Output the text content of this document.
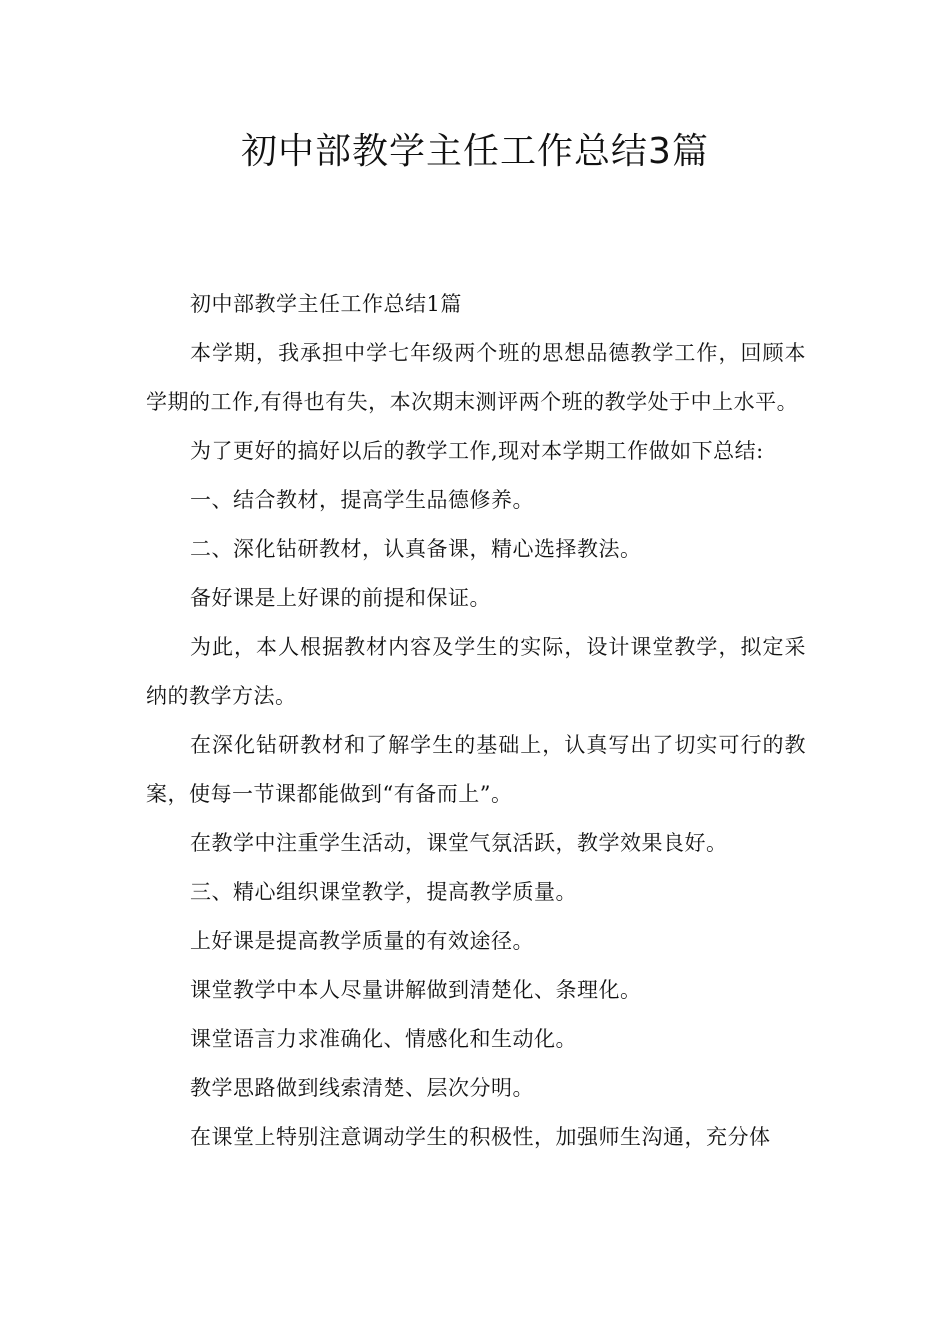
初中部教学主任工作总结3篇

初中部教学主任工作总结1篇

本学期，我承担中学七年级两个班的思想品德教学工作，回顾本学期的工作,有得也有失，本次期末测评两个班的教学处于中上水平。

为了更好的搞好以后的教学工作,现对本学期工作做如下总结:

一、结合教材，提高学生品德修养。

二、深化钻研教材，认真备课，精心选择教法。

备好课是上好课的前提和保证。

为此，本人根据教材内容及学生的实际，设计课堂教学，拟定采纳的教学方法。

在深化钻研教材和了解学生的基础上，认真写出了切实可行的教案，使每一节课都能做到“有备而上”。

在教学中注重学生活动，课堂气氛活跃，教学效果良好。

三、精心组织课堂教学，提高教学质量。

上好课是提高教学质量的有效途径。

课堂教学中本人尽量讲解做到清楚化、条理化。

课堂语言力求准确化、情感化和生动化。

教学思路做到线索清楚、层次分明。

在课堂上特别注意调动学生的积极性，加强师生沟通，充分体
